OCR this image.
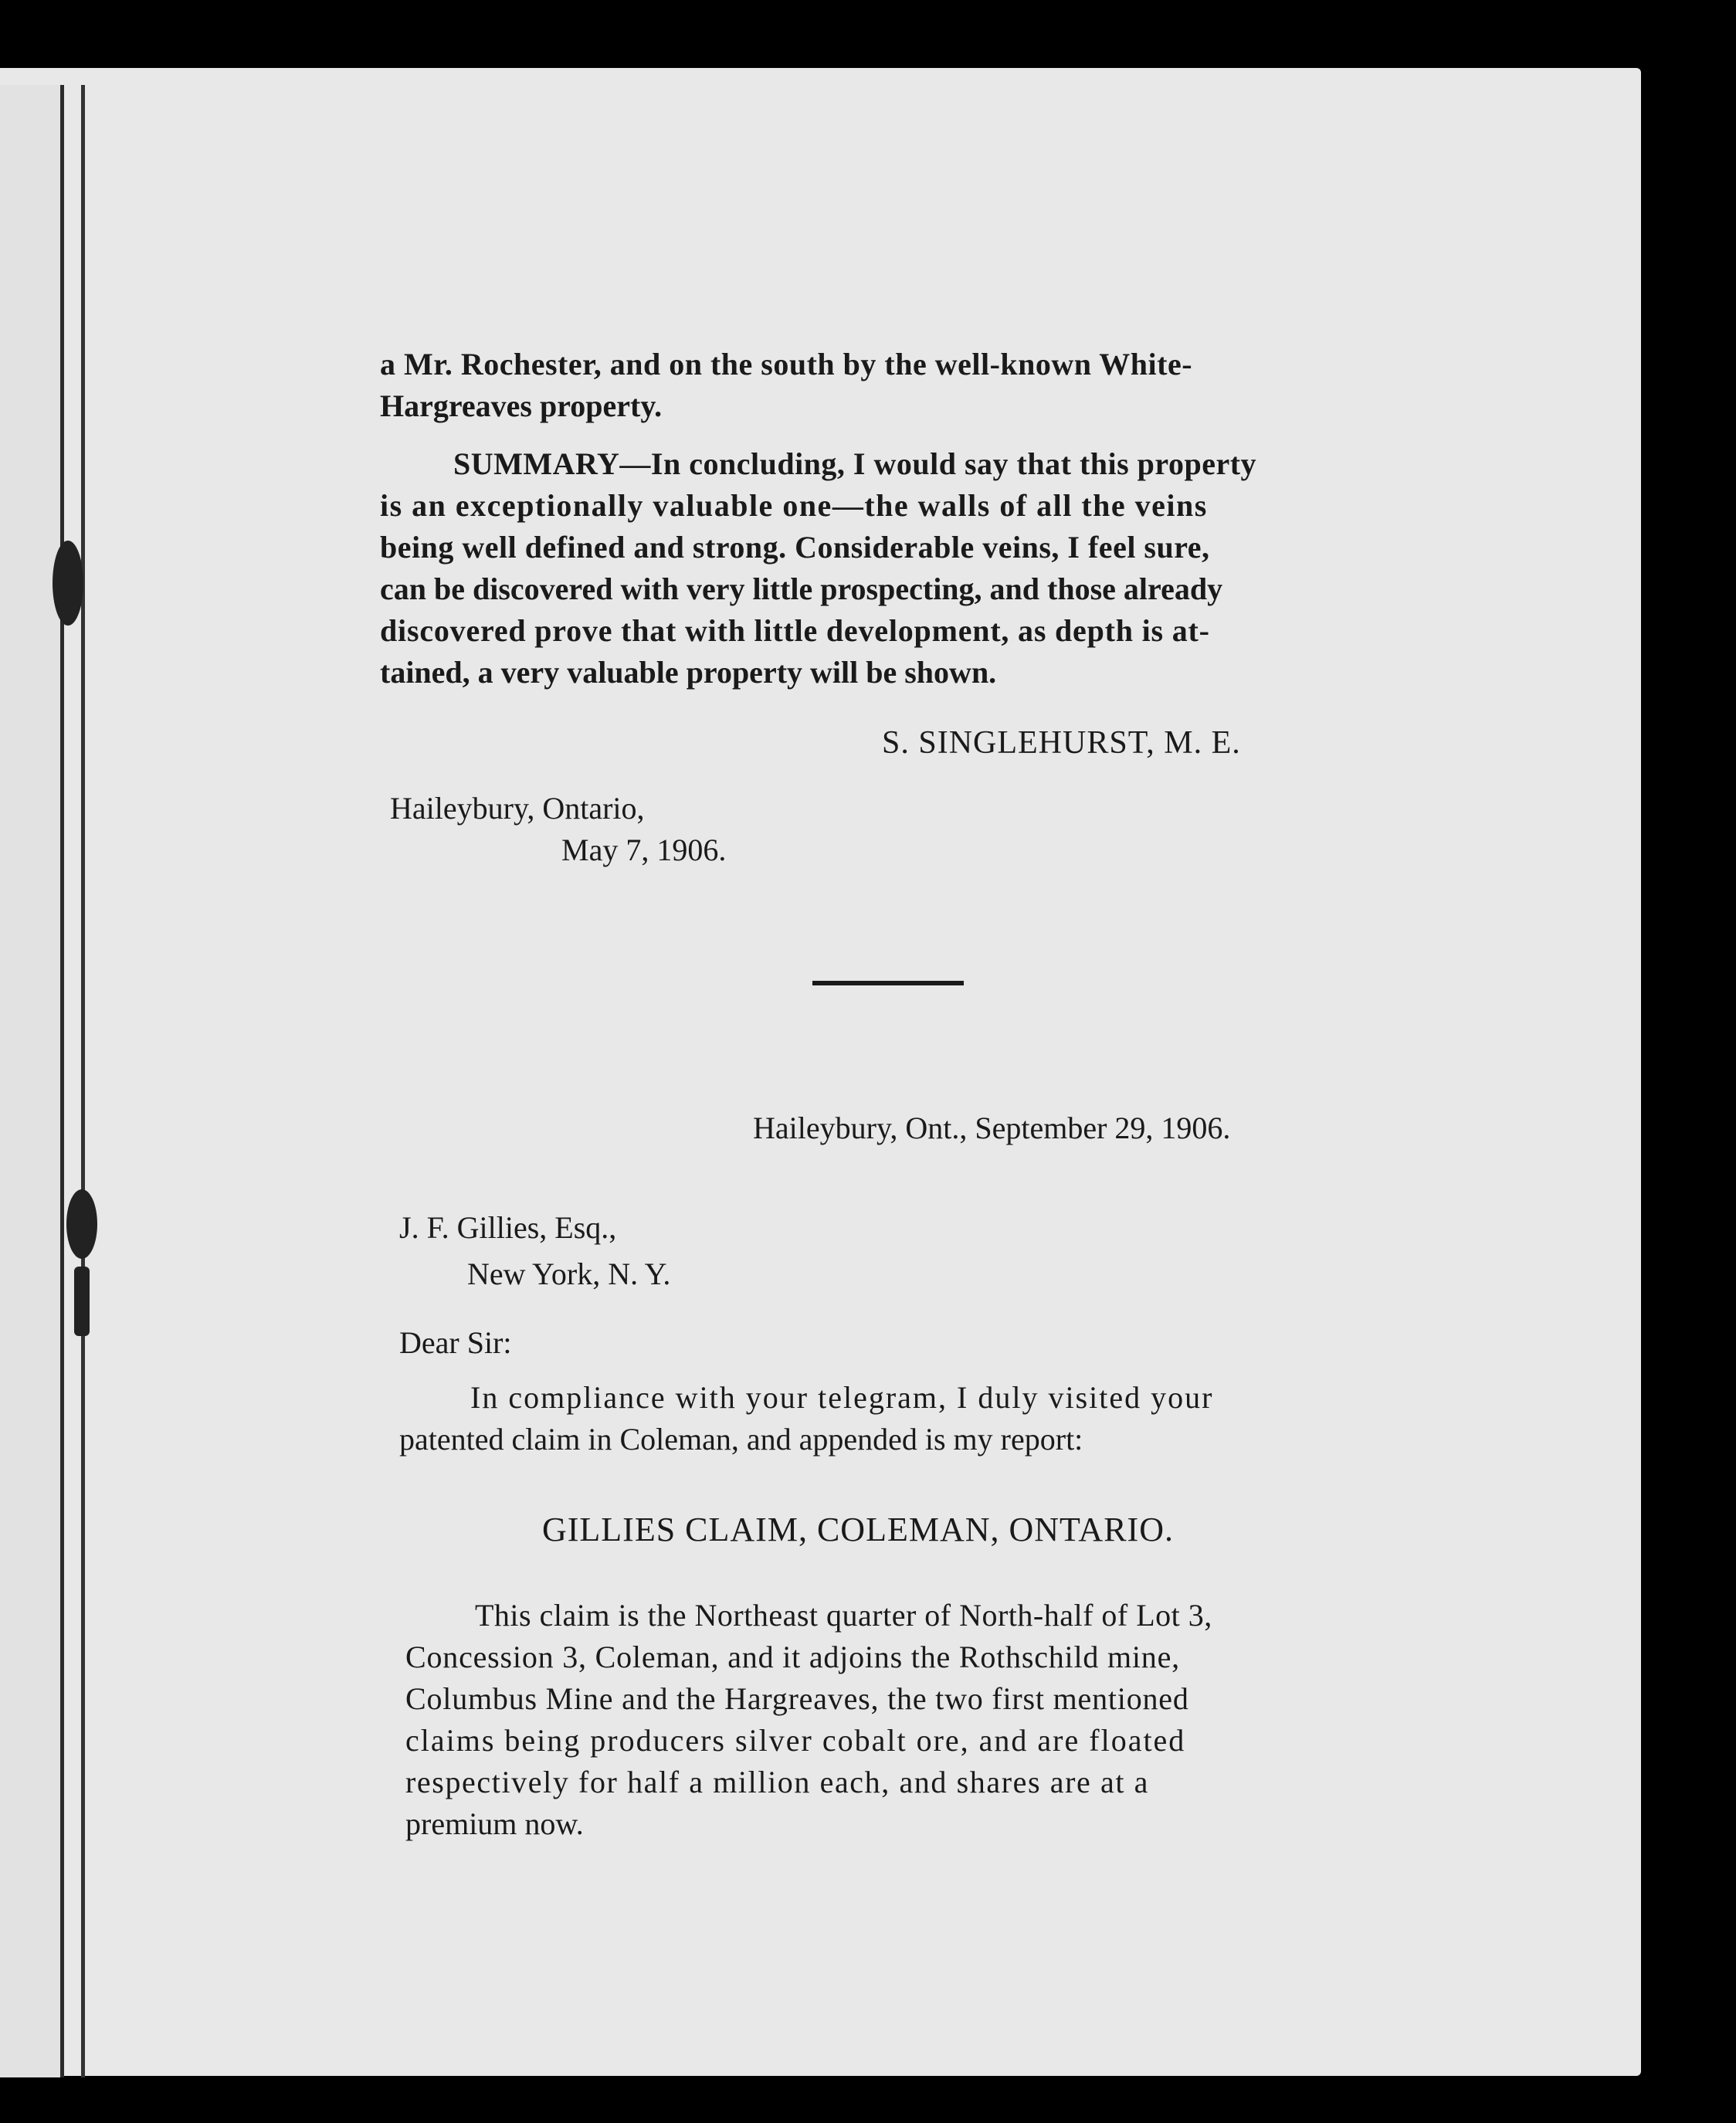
a Mr. Rochester, and on the south by the well-known White-
Hargreaves property.
SUMMARY—In concluding, I would say that this property
is an exceptionally valuable one—the walls of all the veins
being well defined and strong. Considerable veins, I feel sure,
can be discovered with very little prospecting, and those already
discovered prove that with little development, as depth is at-
tained, a very valuable property will be shown.
S. SINGLEHURST, M. E.
Haileybury, Ontario,
May 7, 1906.
Haileybury, Ont., September 29, 1906.
J. F. Gillies, Esq.,
New York, N. Y.
Dear Sir:
In compliance with your telegram, I duly visited your
patented claim in Coleman, and appended is my report:
GILLIES CLAIM, COLEMAN, ONTARIO.
This claim is the Northeast quarter of North-half of Lot 3,
Concession 3, Coleman, and it adjoins the Rothschild mine,
Columbus Mine and the Hargreaves, the two first mentioned
claims being producers silver cobalt ore, and are floated
respectively for half a million each, and shares are at a
premium now.
